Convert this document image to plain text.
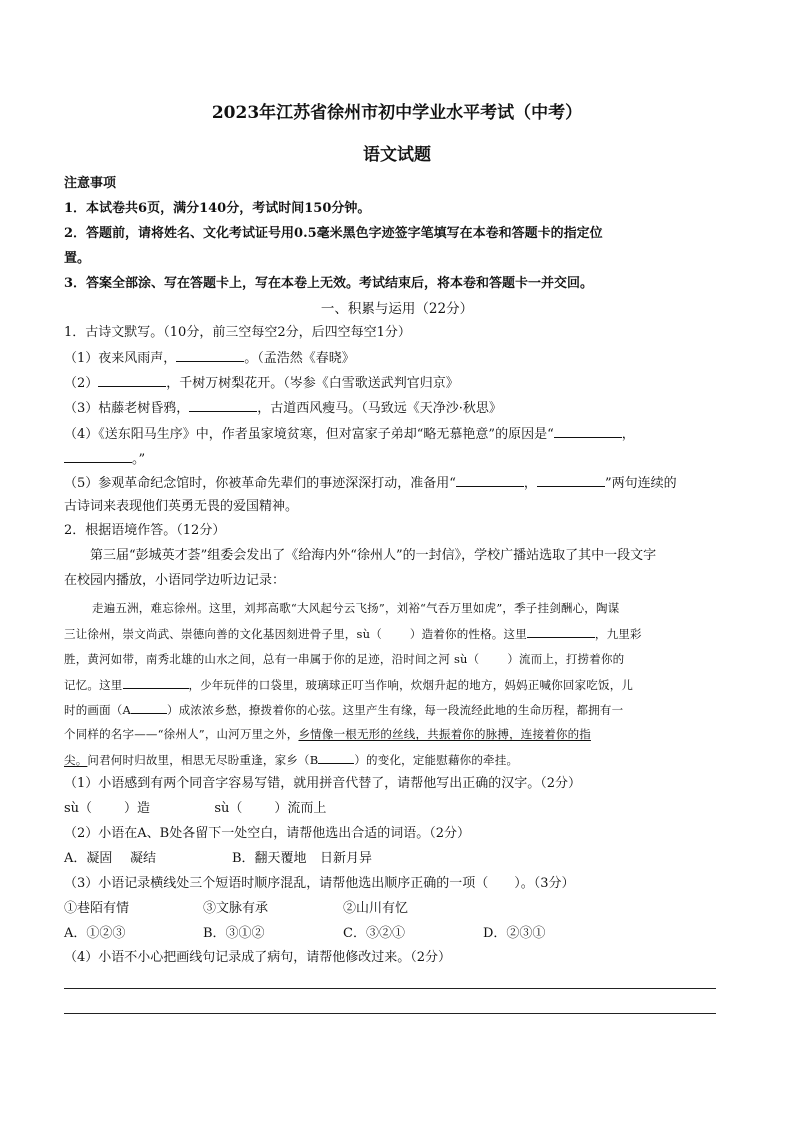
2023年江苏省徐州市初中学业水平考试（中考）
语文试题
注意事项
1．本试卷共6页，满分140分，考试时间150分钟。
2．答题前，请将姓名、文化考试证号用0.5毫米黑色字迹签字笔填写在本卷和答题卡的指定位
置。
3．答案全部涂、写在答题卡上，写在本卷上无效。考试结束后，将本卷和答题卡一并交回。
一、积累与运用（22分）
1．古诗文默写。（10分，前三空每空2分，后四空每空1分）
（1）夜来风雨声，	。（孟浩然《春晓》
（2）	，千树万树梨花开。（岑参《白雪歌送武判官归京》
（3）枯藤老树昏鸦，	，古道西风瘦马。（马致远《天净沙·秋思》
（4）《送东阳马生序》中，作者虽家境贫寒，但对富家子弟却“略无慕艳意”的原因是“	，
。”
（5）参观革命纪念馆时，你被革命先辈们的事迹深深打动，准备用“	，	”两句连续的
古诗词来表现他们英勇无畏的爱国精神。
2．根据语境作答。（12分）
第三届“彭城英才荟”组委会发出了《给海内外“徐州人”的一封信》，学校广播站选取了其中一段文字
在校园内播放，小语同学边听边记录：
走遍五洲，难忘徐州。这里，刘邦高歌“大风起兮云飞扬”，刘裕“气吞万里如虎”，季子挂剑酬心，陶谋
三让徐州，崇文尚武、崇德向善的文化基因刻进骨子里，sù（ ）造着你的性格。这里	，九里彩
胜，黄河如带，南秀北雄的山水之间，总有一串属于你的足迹，沿时间之河 sù（ ）流而上，打捞着你的
记忆。这里	，少年玩伴的口袋里，玻璃球正叮当作响，炊烟升起的地方，妈妈正喊你回家吃饭，儿
时的画面（A	）成浓浓乡愁，撩拨着你的心弦。这里产生有缘，每一段流经此地的生命历程，都拥有一
个同样的名字——“徐州人”，山河万里之外，乡情像一根无形的丝线，共振着你的脉搏，连接着你的指
尖。问君何时归故里，相思无尽盼重逢，家乡（B	）的变化，定能慰藉你的牵挂。
（1）小语感到有两个同音字容易写错，就用拼音代替了，请帮他写出正确的汉字。（2分）
sù（ ）造	sù（ ）流而上
（2）小语在A、B处各留下一处空白，请帮他选出合适的词语。（2分）
A．凝固 凝结	B．翻天覆地 日新月异
（3）小语记录横线处三个短语时顺序混乱，请帮他选出顺序正确的一项（　　）。（3分）
①巷陌有情	③文脉有承	②山川有忆
A．①②③	B．③①②	C．③②①	D．②③①
（4）小语不小心把画线句记录成了病句，请帮他修改过来。（2分）
